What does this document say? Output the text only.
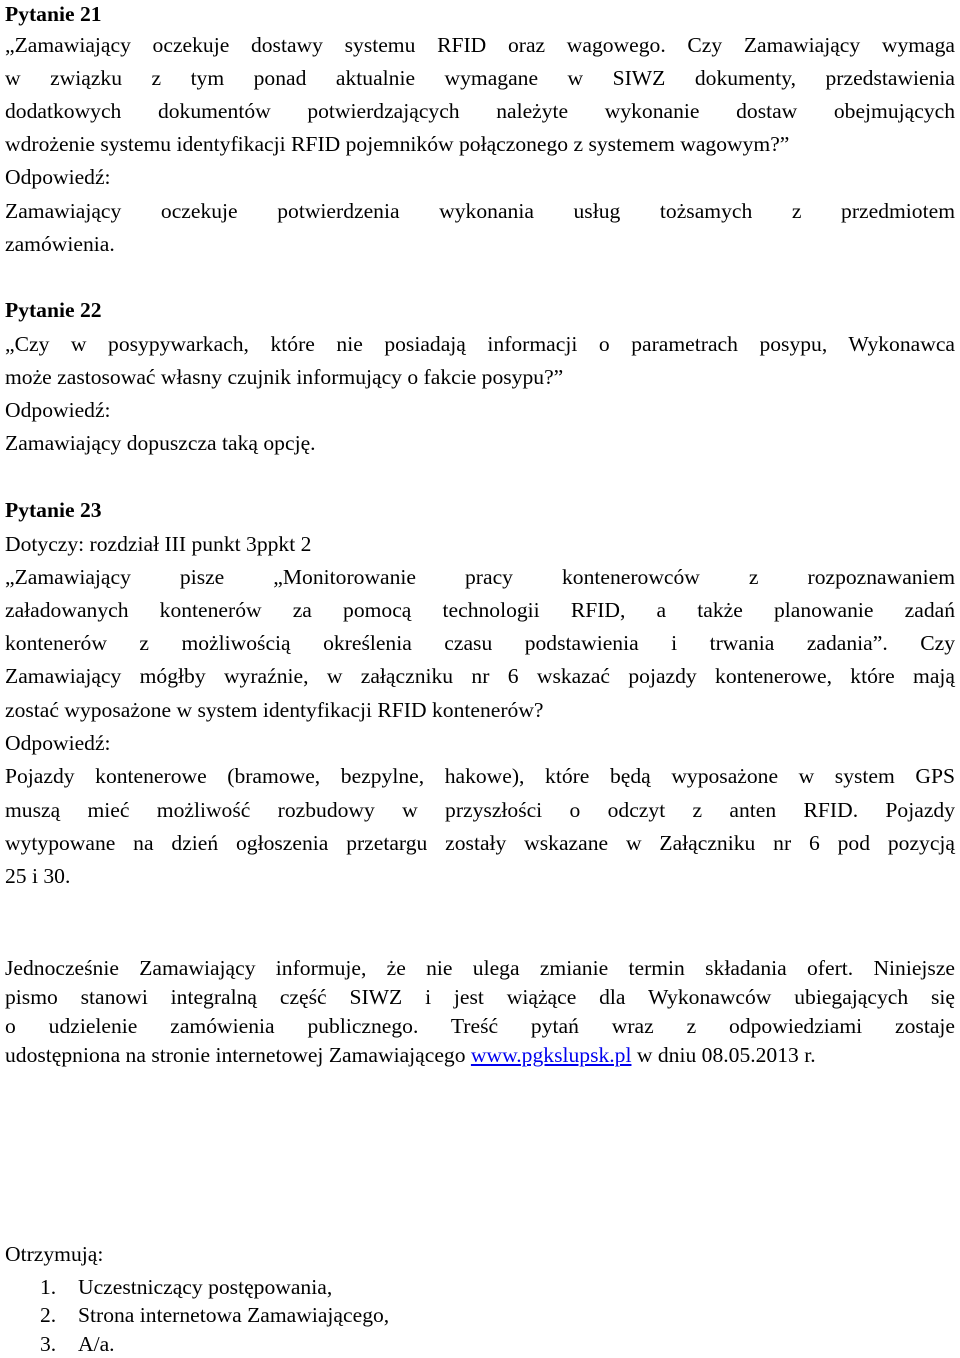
Pytanie 21
„Zamawiający oczekuje dostawy systemu RFID oraz wagowego. Czy Zamawiający wymaga
w związku z tym ponad aktualnie wymagane w SIWZ dokumenty, przedstawienia
dodatkowych dokumentów potwierdzających należyte wykonanie dostaw obejmujących
wdrożenie systemu identyfikacji RFID pojemników połączonego z systemem wagowym?”
Odpowiedź:
Zamawiający oczekuje potwierdzenia wykonania usług tożsamych z przedmiotem
zamówienia.
Pytanie 22
„Czy w posypywarkach, które nie posiadają informacji o parametrach posypu, Wykonawca
może zastosować własny czujnik informujący o fakcie posypu?”
Odpowiedź:
Zamawiający dopuszcza taką opcję.
Pytanie 23
Dotyczy: rozdział III punkt 3ppkt 2
„Zamawiający pisze „Monitorowanie pracy kontenerowców z rozpoznawaniem
załadowanych kontenerów za pomocą technologii RFID, a także planowanie zadań
kontenerów z możliwością określenia czasu podstawienia i trwania zadania”. Czy
Zamawiający mógłby wyraźnie, w załączniku nr 6 wskazać pojazdy kontenerowe, które mają
zostać wyposażone w system identyfikacji RFID kontenerów?
Odpowiedź:
Pojazdy kontenerowe (bramowe, bezpylne, hakowe), które będą wyposażone w system GPS
muszą mieć możliwość rozbudowy w przyszłości o odczyt z anten RFID. Pojazdy
wytypowane na dzień ogłoszenia przetargu zostały wskazane w Załączniku nr 6 pod pozycją
25 i 30.
Jednocześnie Zamawiający informuje, że nie ulega zmianie termin składania ofert. Niniejsze
pismo stanowi integralną część SIWZ i jest wiążące dla Wykonawców ubiegających się
o udzielenie zamówienia publicznego. Treść pytań wraz z odpowiedziami zostaje
udostępniona na stronie internetowej Zamawiającego www.pgkslupsk.pl w dniu 08.05.2013 r.
Otrzymują:
1. Uczestniczący postępowania,
2. Strona internetowa Zamawiającego,
3. A/a.
